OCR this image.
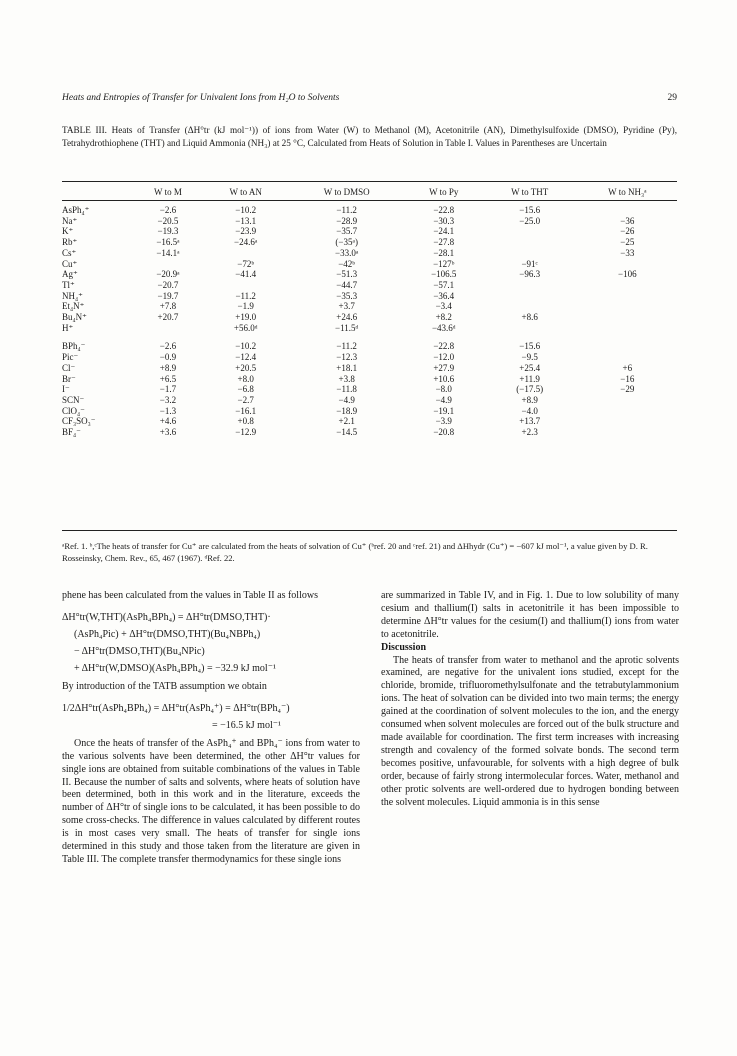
Heats and Entropies of Transfer for Univalent Ions from H₂O to Solvents	29
TABLE III. Heats of Transfer (ΔH°tr (kJ mol⁻¹)) of ions from Water (W) to Methanol (M), Acetonitrile (AN), Dimethylsulfoxide (DMSO), Pyridine (Py), Tetrahydrothiophene (THT) and Liquid Ammonia (NH₃) at 25 °C, Calculated from Heats of Solution in Table I. Values in Parentheses are Uncertain
	W to M	W to AN	W to DMSO	W to Py	W to THT	W to NH₃ᵃ

AsPh₄⁺	−2.6	−10.2	−11.2	−22.8	−15.6	
Na⁺	−20.5	−13.1	−28.9	−30.3	−25.0	−36
K⁺	−19.3	−23.9	−35.7	−24.1		−26
Rb⁺	−16.5ᵃ	−24.6ᵃ	(−35ᵃ)	−27.8		−25
Cs⁺	−14.1ᵃ		−33.0ᵃ	−28.1		−33
Cu⁺		−72ᵇ	−42ᵇ	−127ᵇ	−91ᶜ	
Ag⁺	−20.9ᵃ	−41.4	−51.3	−106.5	−96.3	−106
Tl⁺	−20.7		−44.7	−57.1		
NH₄⁺	−19.7	−11.2	−35.3	−36.4		
Et₄N⁺	+7.8	−1.9	+3.7	−3.4		
Bu₄N⁺	+20.7	+19.0	+24.6	+8.2	+8.6	
H⁺		+56.0ᵈ	−11.5ᵈ	−43.6ᵈ		

BPh₄⁻	−2.6	−10.2	−11.2	−22.8	−15.6	
Pic⁻	−0.9	−12.4	−12.3	−12.0	−9.5	
Cl⁻	+8.9	+20.5	+18.1	+27.9	+25.4	+6
Br⁻	+6.5	+8.0	+3.8	+10.6	+11.9	−16
I⁻	−1.7	−6.8	−11.8	−8.0	(−17.5)	−29
SCN⁻	−3.2	−2.7	−4.9	−4.9	+8.9	
ClO₄⁻	−1.3	−16.1	−18.9	−19.1	−4.0	
CF₃SO₃⁻	+4.6	+0.8	+2.1	−3.9	+13.7	
BF₄⁻	+3.6	−12.9	−14.5	−20.8	+2.3	
ᵃRef. 1. ᵇ,ᶜThe heats of transfer for Cu⁺ are calculated from the heats of solvation of Cu⁺ (ᵇref. 20 and ᶜref. 21) and ΔHhydr (Cu⁺) = −607 kJ mol⁻¹, a value given by D. R. Rosseinsky, Chem. Rev., 65, 467 (1967). ᵈRef. 22.

phene has been calculated from the values in Table II as follows

ΔH°tr(W,THT)(AsPh₄BPh₄) = ΔH°tr(DMSO,THT)·
(AsPh₄Pic) + ΔH°tr(DMSO,THT)(Bu₄NBPh₄)
− ΔH°tr(DMSO,THT)(Bu₄NPic)
+ ΔH°tr(W,DMSO)(AsPh₄BPh₄) = −32.9 kJ mol⁻¹

By introduction of the TATB assumption we obtain

1/2ΔH°tr(AsPh₄BPh₄) = ΔH°tr(AsPh₄⁺) = ΔH°tr(BPh₄⁻)
= −16.5 kJ mol⁻¹

Once the heats of transfer of the AsPh₄⁺ and BPh₄⁻ ions from water to the various solvents have been determined, the other ΔH°tr values for single ions are obtained from suitable combinations of the values in Table II. Because the number of salts and solvents, where heats of solution have been determined, both in this work and in the literature, exceeds the number of ΔH°tr of single ions to be calculated, it has been possible to do some cross-checks. The difference in values calculated by different routes is in most cases very small. The heats of transfer for single ions determined in this study and those taken from the literature are given in Table III. The complete transfer thermodynamics for these single ions

are summarized in Table IV, and in Fig. 1. Due to low solubility of many cesium and thallium(I) salts in acetonitrile it has been impossible to determine ΔH°tr values for the cesium(I) and thallium(I) ions from water to acetonitrile.

Discussion

The heats of transfer from water to methanol and the aprotic solvents examined, are negative for the univalent ions studied, except for the chloride, bromide, trifluoromethylsulfonate and the tetrabutylammonium ions. The heat of solvation can be divided into two main terms; the energy gained at the coordination of solvent molecules to the ion, and the energy consumed when solvent molecules are forced out of the bulk structure and made available for coordination. The first term increases with increasing strength and covalency of the formed solvate bonds. The second term becomes positive, unfavourable, for solvents with a high degree of bulk order, because of fairly strong intermolecular forces. Water, methanol and other protic solvents are well-ordered due to hydrogen bonding between the solvent molecules. Liquid ammonia is in this sense
